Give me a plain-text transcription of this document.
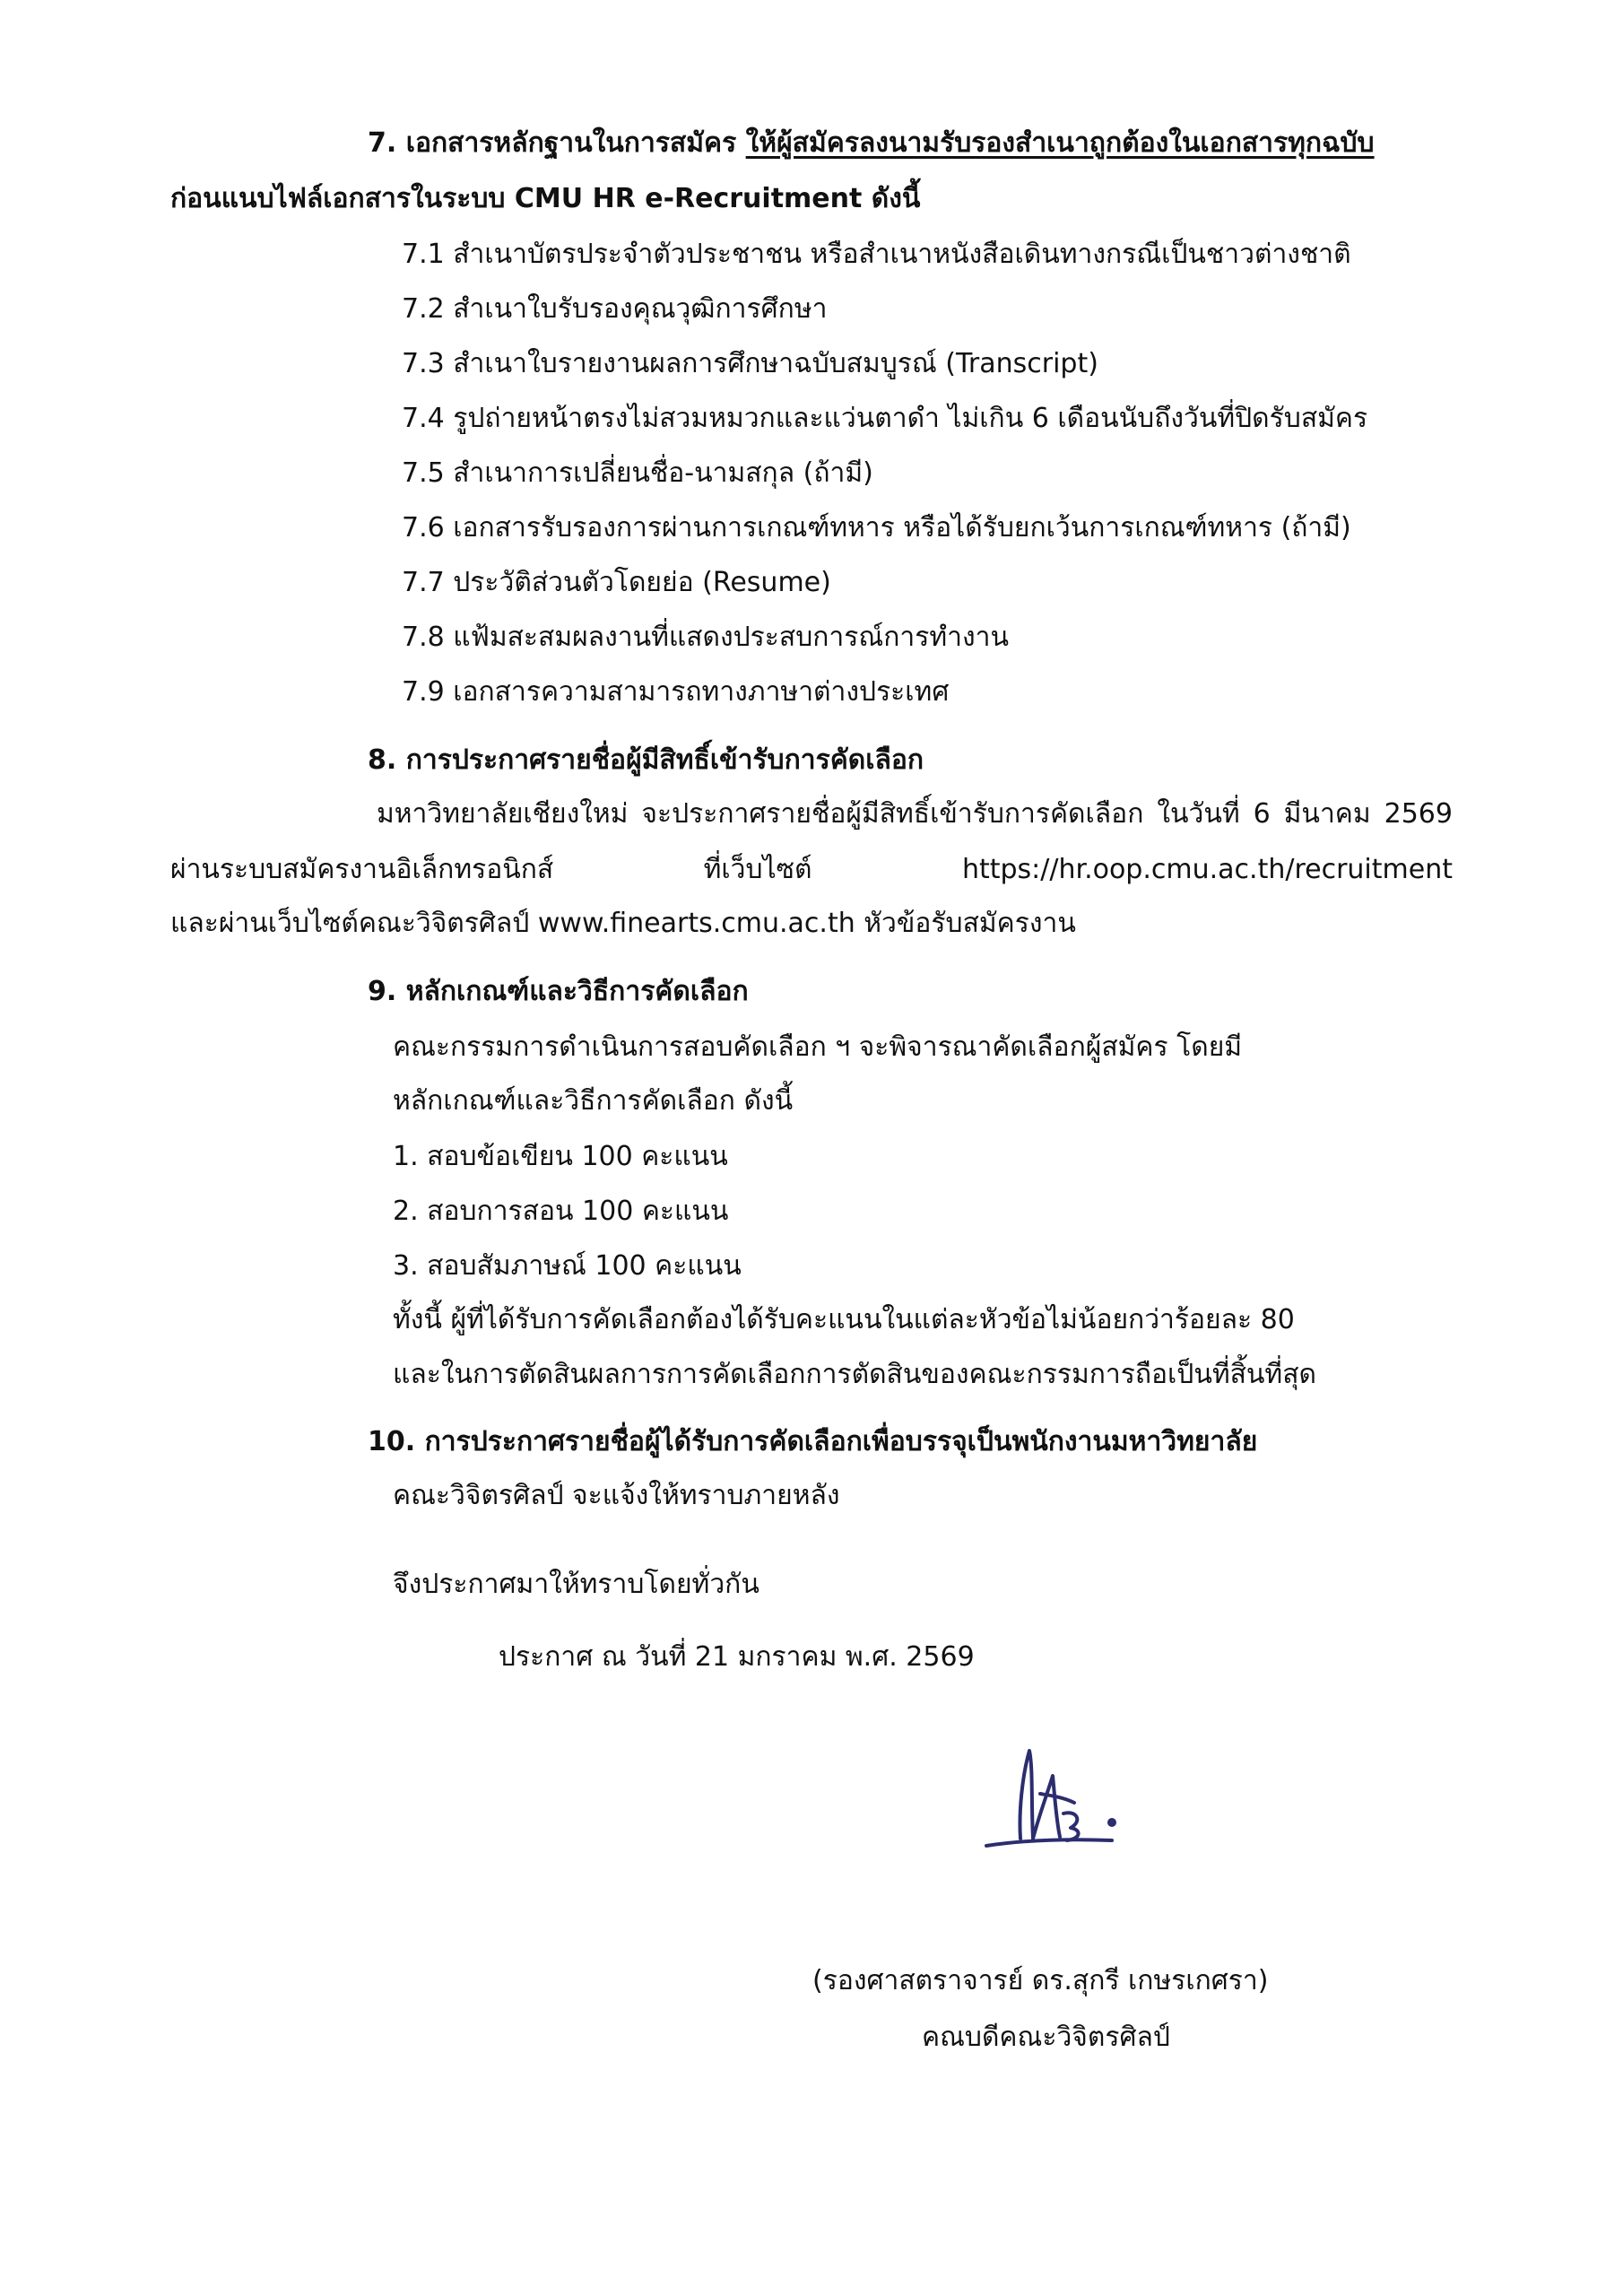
7. เอกสารหลักฐานในการสมัคร ให้ผู้สมัครลงนามรับรองสำเนาถูกต้องในเอกสารทุกฉบับ
ก่อนแนบไฟล์เอกสารในระบบ CMU HR e-Recruitment ดังนี้
7.1 สำเนาบัตรประจำตัวประชาชน หรือสำเนาหนังสือเดินทางกรณีเป็นชาวต่างชาติ
7.2 สำเนาใบรับรองคุณวุฒิการศึกษา
7.3 สำเนาใบรายงานผลการศึกษาฉบับสมบูรณ์ (Transcript)
7.4 รูปถ่ายหน้าตรงไม่สวมหมวกและแว่นตาดำ ไม่เกิน 6 เดือนนับถึงวันที่ปิดรับสมัคร
7.5 สำเนาการเปลี่ยนชื่อ-นามสกุล (ถ้ามี)
7.6 เอกสารรับรองการผ่านการเกณฑ์ทหาร หรือได้รับยกเว้นการเกณฑ์ทหาร (ถ้ามี)
7.7 ประวัติส่วนตัวโดยย่อ (Resume)
7.8 แฟ้มสะสมผลงานที่แสดงประสบการณ์การทำงาน
7.9 เอกสารความสามารถทางภาษาต่างประเทศ
8. การประกาศรายชื่อผู้มีสิทธิ์เข้ารับการคัดเลือก
มหาวิทยาลัยเชียงใหม่ จะประกาศรายชื่อผู้มีสิทธิ์เข้ารับการคัดเลือก ในวันที่ 6 มีนาคม 2569
ผ่านระบบสมัครงานอิเล็กทรอนิกส์	ที่เว็บไซต์	https://hr.oop.cmu.ac.th/recruitment
และผ่านเว็บไซต์คณะวิจิตรศิลป์ www.finearts.cmu.ac.th หัวข้อรับสมัครงาน
9. หลักเกณฑ์และวิธีการคัดเลือก
คณะกรรมการดำเนินการสอบคัดเลือก ฯ จะพิจารณาคัดเลือกผู้สมัคร โดยมี
หลักเกณฑ์และวิธีการคัดเลือก ดังนี้
1. สอบข้อเขียน 100 คะแนน
2. สอบการสอน 100 คะแนน
3. สอบสัมภาษณ์ 100 คะแนน
ทั้งนี้ ผู้ที่ได้รับการคัดเลือกต้องได้รับคะแนนในแต่ละหัวข้อไม่น้อยกว่าร้อยละ 80
และในการตัดสินผลการการคัดเลือกการตัดสินของคณะกรรมการถือเป็นที่สิ้นที่สุด
10. การประกาศรายชื่อผู้ได้รับการคัดเลือกเพื่อบรรจุเป็นพนักงานมหาวิทยาลัย
คณะวิจิตรศิลป์ จะแจ้งให้ทราบภายหลัง
จึงประกาศมาให้ทราบโดยทั่วกัน
ประกาศ ณ วันที่ 21 มกราคม พ.ศ. 2569
(รองศาสตราจารย์ ดร.สุกรี เกษรเกศรา)
คณบดีคณะวิจิตรศิลป์
